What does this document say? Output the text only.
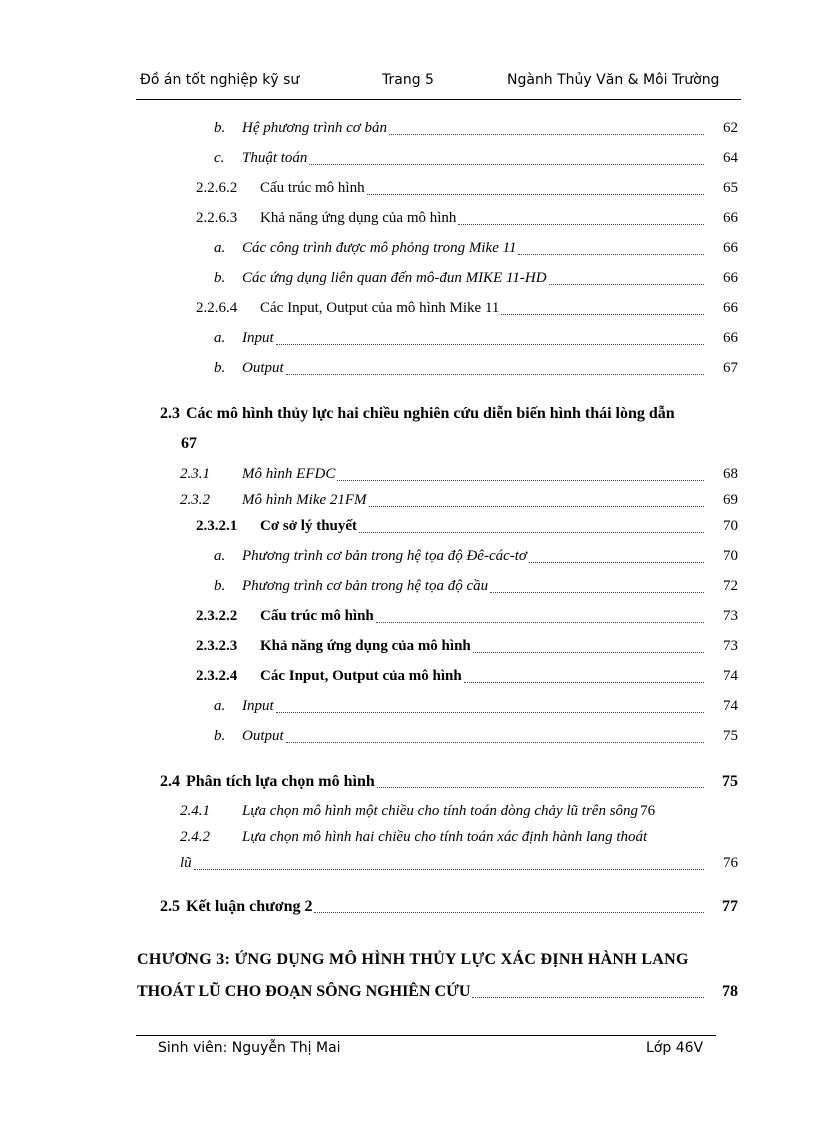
Đồ án tốt nghiệp kỹ sư	Trang 5	Ngành Thủy Văn & Môi Trường
b.	Hệ phương trình cơ bản	62
c.	Thuật toán	64
2.2.6.2	Cấu trúc mô hình	65
2.2.6.3	Khả năng ứng dụng của mô hình	66
a.	Các công trình được mô phỏng trong Mike 11	66
b.	Các ứng dụng liên quan đến mô-đun MIKE 11-HD	66
2.2.6.4	Các Input, Output của mô hình Mike 11	66
a.	Input	66
b.	Output	67
2.3 Các mô hình thủy lực hai chiều nghiên cứu diễn biến hình thái lòng dẫn
67
2.3.1	Mô hình EFDC	68
2.3.2	Mô hình Mike 21FM	69
2.3.2.1	Cơ sở lý thuyết	70
a.	Phương trình cơ bản trong hệ tọa độ Đê-các-tơ	70
b.	Phương trình cơ bản trong hệ tọa độ cầu	72
2.3.2.2	Cấu trúc mô hình	73
2.3.2.3	Khả năng ứng dụng của mô hình	73
2.3.2.4	Các Input, Output của mô hình	74
a.	Input	74
b.	Output	75
2.4 Phân tích lựa chọn mô hình	75
2.4.1	Lựa chọn mô hình một chiều cho tính toán dòng chảy lũ trên sông 76
2.4.2	Lựa chọn mô hình hai chiều cho tính toán xác định hành lang thoát
lũ	76
2.5 Kết luận chương 2	77
CHƯƠNG 3: ỨNG DỤNG MÔ HÌNH THỦY LỰC XÁC ĐỊNH HÀNH LANG
THOÁT LŨ CHO ĐOẠN SÔNG NGHIÊN CỨU	78
Sinh viên: Nguyễn Thị Mai	Lớp 46V
